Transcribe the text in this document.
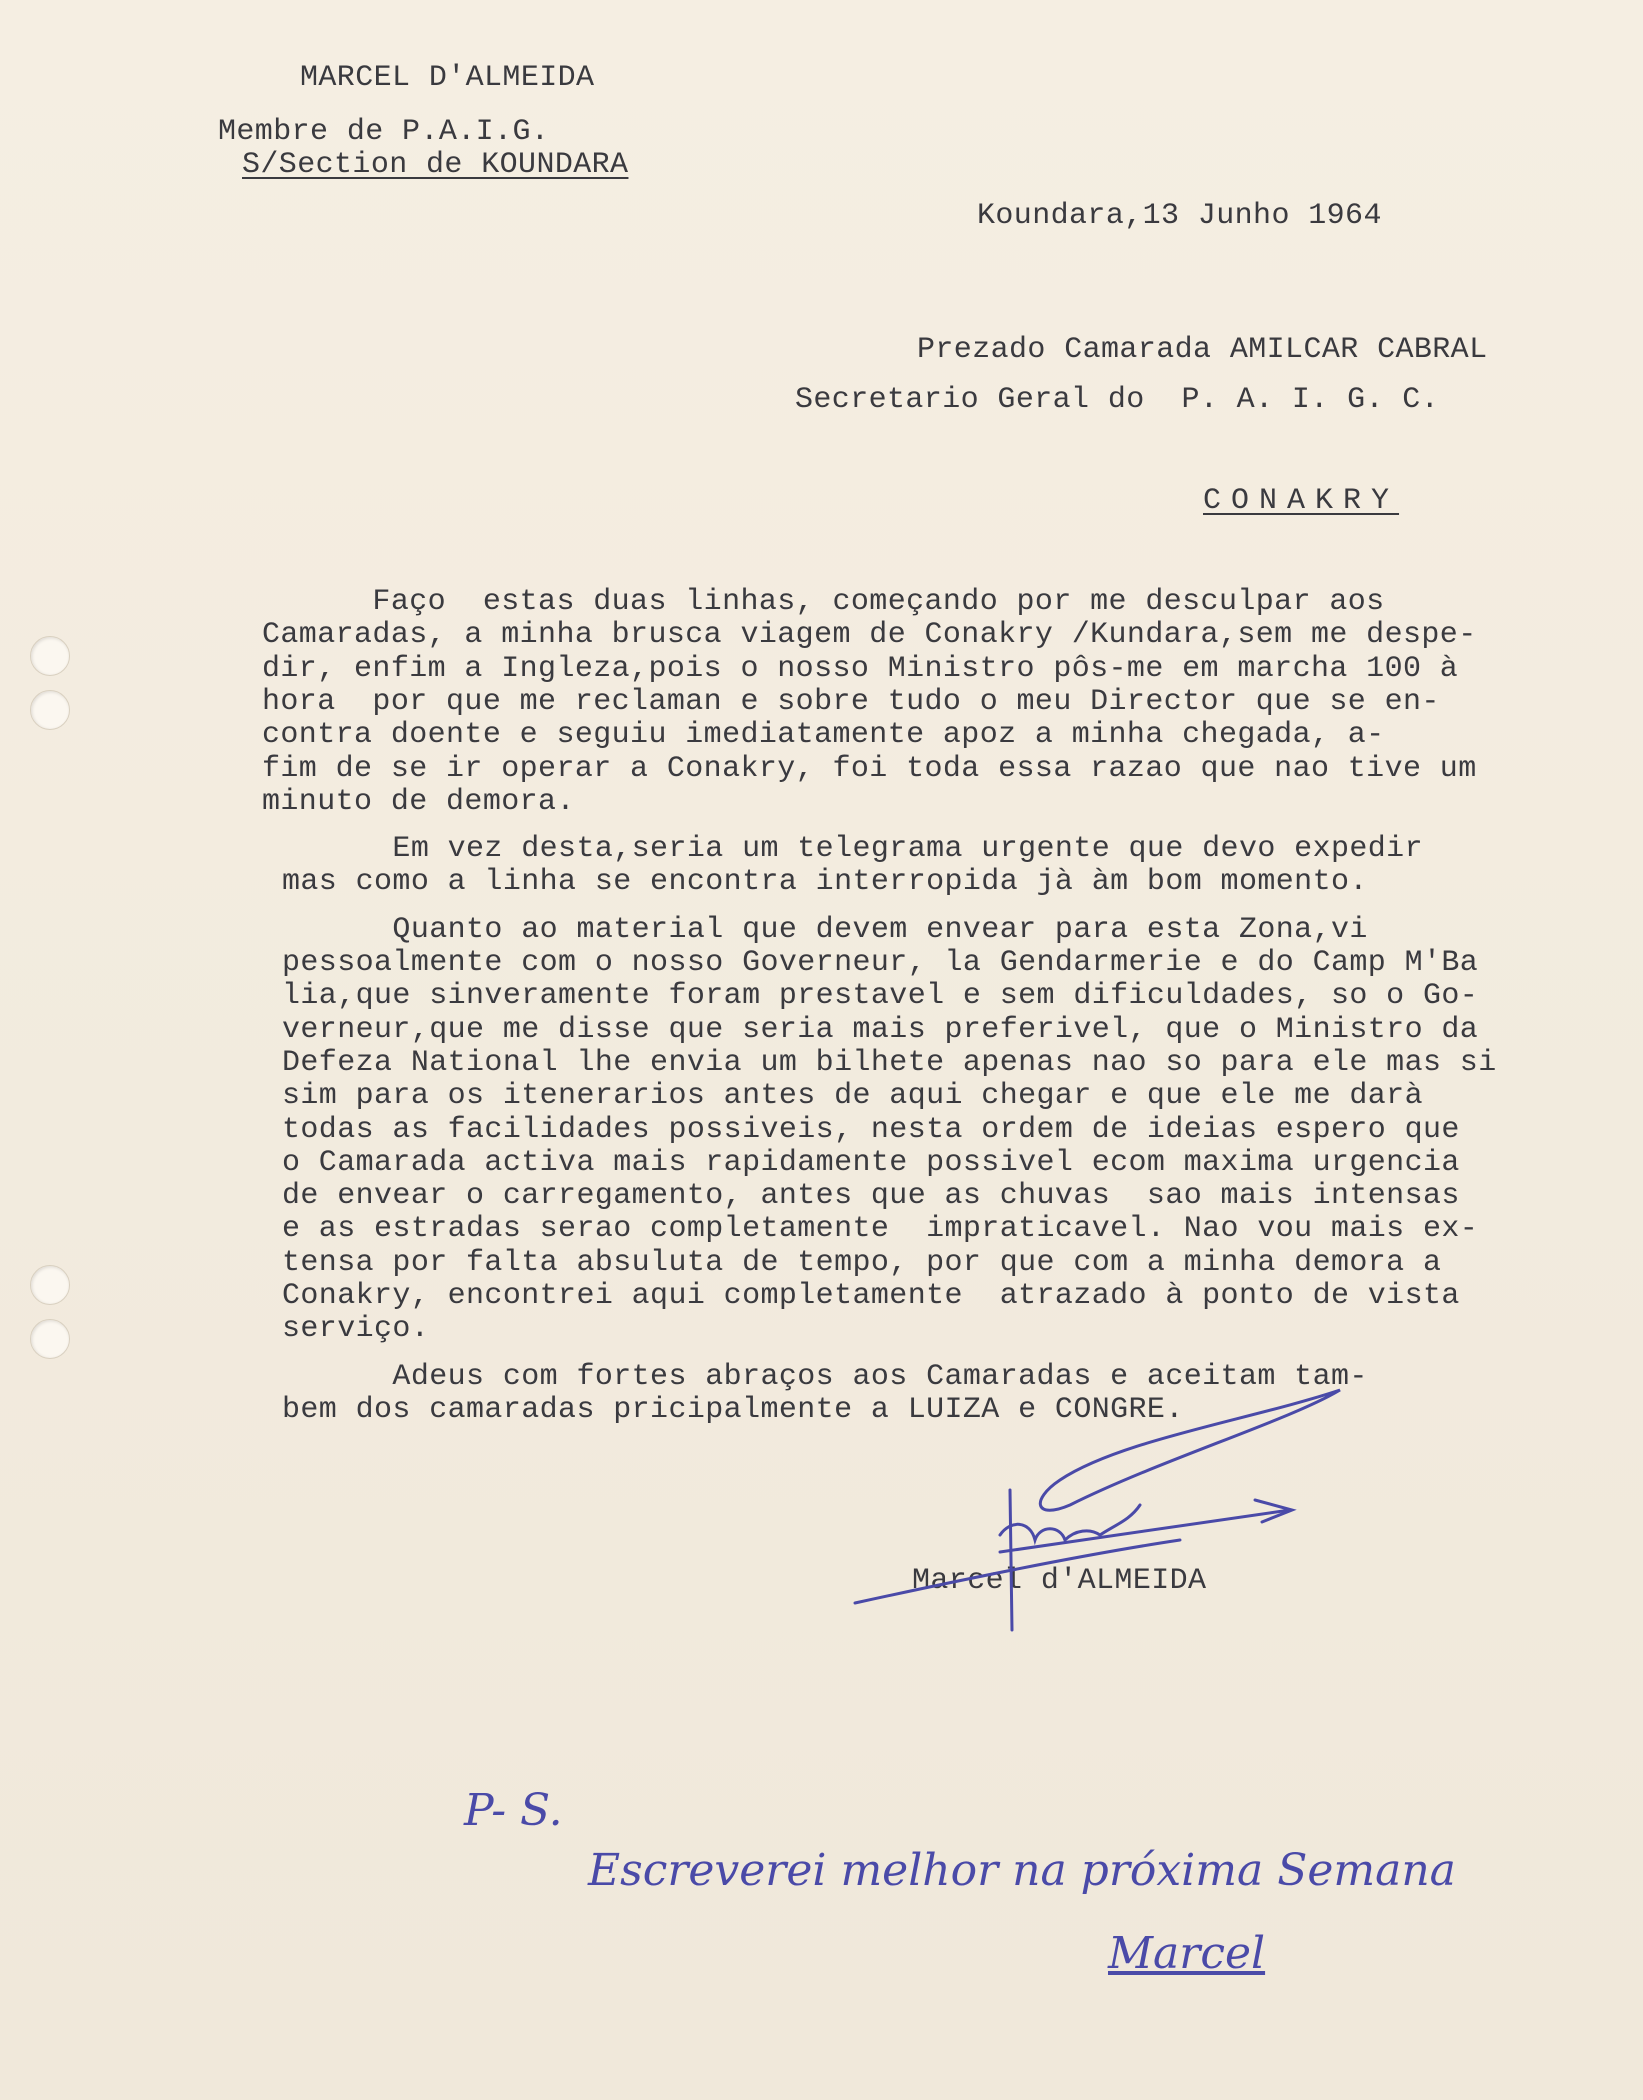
MARCEL D'ALMEIDA
Membre de P.A.I.G.
S/Section de KOUNDARA
Koundara,13 Junho 1964
Prezado Camarada AMILCAR CABRAL
Secretario Geral do  P. A. I. G. C.
CONAKRY
Faço  estas duas linhas, começando por me desculpar aos
Camaradas, a minha brusca viagem de Conakry /Kundara,sem me despe-
dir, enfim a Ingleza,pois o nosso Ministro pôs-me em marcha 100 à
hora  por que me reclaman e sobre tudo o meu Director que se en-
contra doente e seguiu imediatamente apoz a minha chegada, a-
fim de se ir operar a Conakry, foi toda essa razao que nao tive um
minuto de demora.
Em vez desta,seria um telegrama urgente que devo expedir
mas como a linha se encontra interropida jà àm bom momento.
Quanto ao material que devem envear para esta Zona,vi
pessoalmente com o nosso Governeur, la Gendarmerie e do Camp M'Ba
lia,que sinveramente foram prestavel e sem dificuldades, so o Go-
verneur,que me disse que seria mais preferivel, que o Ministro da
Defeza National lhe envia um bilhete apenas nao so para ele mas si
sim para os itenerarios antes de aqui chegar e que ele me darà
todas as facilidades possiveis, nesta ordem de ideias espero que
o Camarada activa mais rapidamente possivel ecom maxima urgencia
de envear o carregamento, antes que as chuvas  sao mais intensas
e as estradas serao completamente  impraticavel. Nao vou mais ex-
tensa por falta absuluta de tempo, por que com a minha demora a
Conakry, encontrei aqui completamente  atrazado à ponto de vista
serviço.
Adeus com fortes abraços aos Camaradas e aceitam tam-
bem dos camaradas pricipalmente a LUIZA e CONGRE.
Marcel d'ALMEIDA
P- S.
Escreverei melhor na próxima Semana
Marcel
